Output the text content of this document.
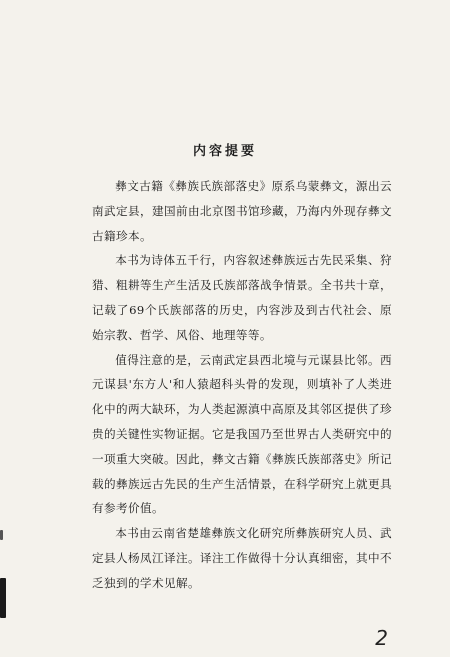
内容提要

彝文古籍《彝族氏族部落史》原系乌蒙彝文，源出云南武定县，建国前由北京图书馆珍藏，乃海内外现存彝文古籍珍本。

本书为诗体五千行，内容叙述彝族远古先民采集、狩猎、粗耕等生产生活及氏族部落战争情景。全书共十章，记载了69个氏族部落的历史，内容涉及到古代社会、原始宗教、哲学、风俗、地理等等。

值得注意的是，云南武定县西北境与元谋县比邻。西元谋县'东方人'和人猿超科头骨的发现，则填补了人类进化中的两大缺环，为人类起源滇中高原及其邻区提供了珍贵的关键性实物证据。它是我国乃至世界古人类研究中的一项重大突破。因此，彝文古籍《彝族氏族部落史》所记载的彝族远古先民的生产生活情景，在科学研究上就更具有参考价值。

本书由云南省楚雄彝族文化研究所彝族研究人员、武定县人杨凤江译注。译注工作做得十分认真细密，其中不乏独到的学术见解。

2
